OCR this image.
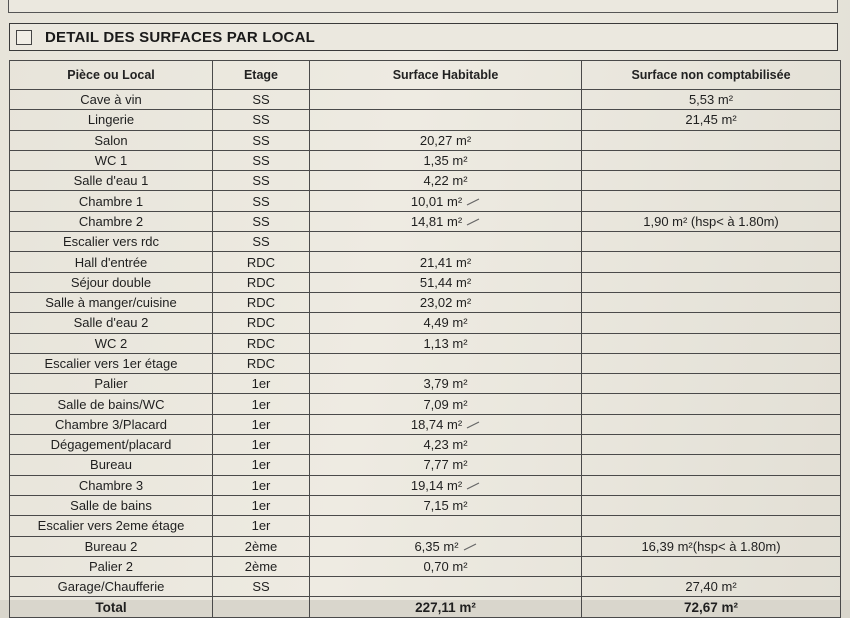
DETAIL DES SURFACES PAR LOCAL
Pièce ou Local	Etage	Surface Habitable	Surface non comptabilisée
Cave à vin	SS		5,53 m²
Lingerie	SS		21,45 m²
Salon	SS	20,27 m²	
WC 1	SS	1,35 m²	
Salle d'eau 1	SS	4,22 m²	
Chambre 1	SS	10,01 m²

Chambre 2	SS	14,81 m²	1,90 m² (hsp< à 1.80m)
Escalier vers rdc	SS		
Hall d'entrée	RDC	21,41 m²	
Séjour double	RDC	51,44 m²	
Salle à manger/cuisine	RDC	23,02 m²	
Salle d'eau 2	RDC	4,49 m²	
WC 2	RDC	1,13 m²	
Escalier vers 1er étage	RDC		
Palier	1er	3,79 m²	
Salle de bains/WC	1er	7,09 m²	
Chambre 3/Placard	1er	18,74 m²

Dégagement/placard	1er	4,23 m²	
Bureau	1er	7,77 m²	
Chambre 3	1er	19,14 m²

Salle de bains	1er	7,15 m²	
Escalier vers 2eme étage	1er		
Bureau 2	2ème	6,35 m²	16,39 m²(hsp< à 1.80m)
Palier 2	2ème	0,70 m²	
Garage/Chaufferie	SS		27,40 m²
Total		227,11 m²	72,67 m²
